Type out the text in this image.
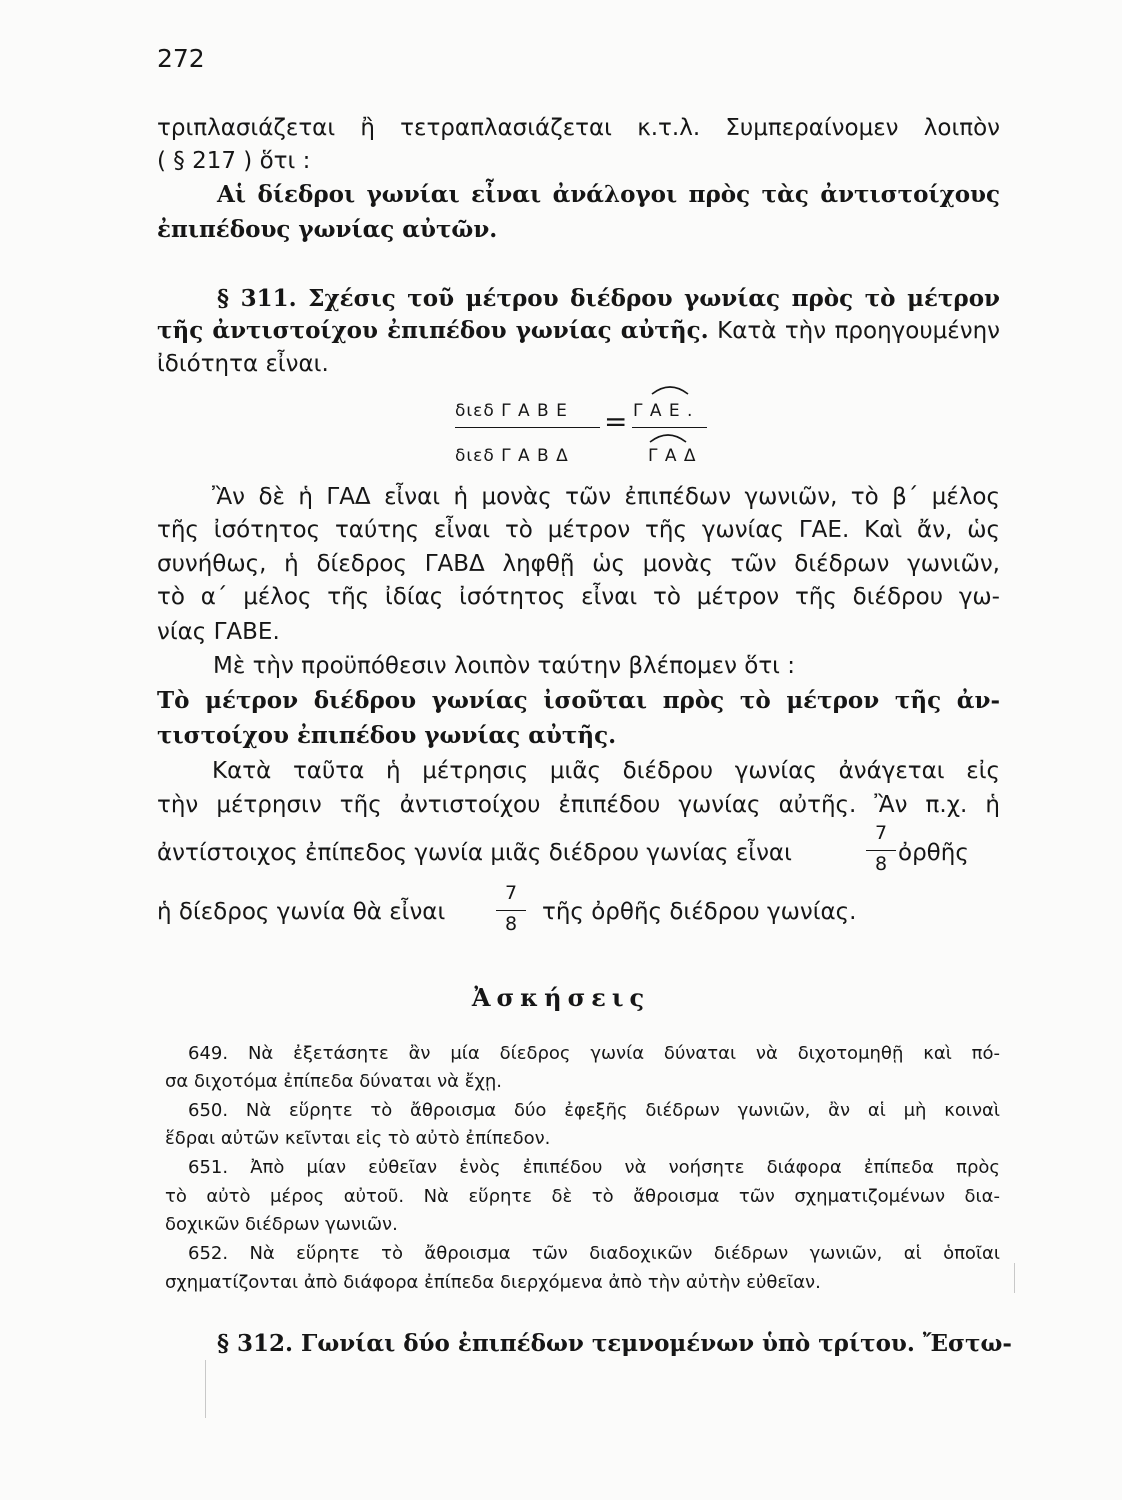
272
τριπλασιάζεται ἢ τετραπλασιάζεται κ.τ.λ. Συμπεραίνομεν λοιπὸν
( § 217 ) ὅτι :
Αἱ δίεδροι γωνίαι εἶναι ἀνάλογοι πρὸς τὰς ἀντιστοίχους
ἐπιπέδους γωνίας αὐτῶν.
§ 311. Σχέσις τοῦ μέτρου διέδρου γωνίας πρὸς τὸ μέτρον
τῆς ἀντιστοίχου ἐπιπέδου γωνίας αὐτῆς. Κατὰ τὴν προηγουμένην
ἰδιότητα εἶναι.
διεδ Γ Α Β Ε
διεδ Γ Α Β Δ
= Γ Α Ε .
Γ Α Δ
Ἂν δὲ ἡ ΓΑΔ εἶναι ἡ μονὰς τῶν ἐπιπέδων γωνιῶν, τὸ β΄ μέλος
τῆς ἰσότητος ταύτης εἶναι τὸ μέτρον τῆς γωνίας ΓΑΕ. Καὶ ἄν, ὡς
συνήθως, ἡ δίεδρος ΓΑΒΔ ληφθῇ ὡς μονὰς τῶν διέδρων γωνιῶν,
τὸ α΄ μέλος τῆς ἰδίας ἰσότητος εἶναι τὸ μέτρον τῆς διέδρου γω-
νίας ΓΑΒΕ.
Μὲ τὴν προϋπόθεσιν λοιπὸν ταύτην βλέπομεν ὅτι :
Τὸ μέτρον διέδρου γωνίας ἰσοῦται πρὸς τὸ μέτρον τῆς ἀν-
τιστοίχου ἐπιπέδου γωνίας αὐτῆς.
Κατὰ ταῦτα ἡ μέτρησις μιᾶς διέδρου γωνίας ἀνάγεται εἰς
τὴν μέτρησιν τῆς ἀντιστοίχου ἐπιπέδου γωνίας αὐτῆς. Ἂν π.χ. ἡ
ἀντίστοιχος ἐπίπεδος γωνία μιᾶς διέδρου γωνίας εἶναι
7
8 ὀρθῆς
ἡ δίεδρος γωνία θὰ εἶναι
7
8	τῆς ὀρθῆς διέδρου γωνίας.
Ἀσκήσεις
649. Νὰ ἐξετάσητε ἂν μία δίεδρος γωνία δύναται νὰ διχοτομηθῇ καὶ πό-
σα διχοτόμα ἐπίπεδα δύναται νὰ ἔχῃ.
650. Νὰ εὕρητε τὸ ἄθροισμα δύο ἐφεξῆς διέδρων γωνιῶν, ἂν αἱ μὴ κοιναὶ
ἕδραι αὐτῶν κεῖνται εἰς τὸ αὐτὸ ἐπίπεδον.
651. Ἀπὸ μίαν εὐθεῖαν ἑνὸς ἐπιπέδου νὰ νοήσητε διάφορα ἐπίπεδα πρὸς
τὸ αὐτὸ μέρος αὐτοῦ. Νὰ εὕρητε δὲ τὸ ἄθροισμα τῶν σχηματιζομένων δια-
δοχικῶν διέδρων γωνιῶν.
652. Νὰ εὕρητε τὸ ἄθροισμα τῶν διαδοχικῶν διέδρων γωνιῶν, αἱ ὁποῖαι
σχηματίζονται ἀπὸ διάφορα ἐπίπεδα διερχόμενα ἀπὸ τὴν αὐτὴν εὐθεῖαν.
§ 312. Γωνίαι δύο ἐπιπέδων τεμνομένων ὑπὸ τρίτου. Ἔστω-
